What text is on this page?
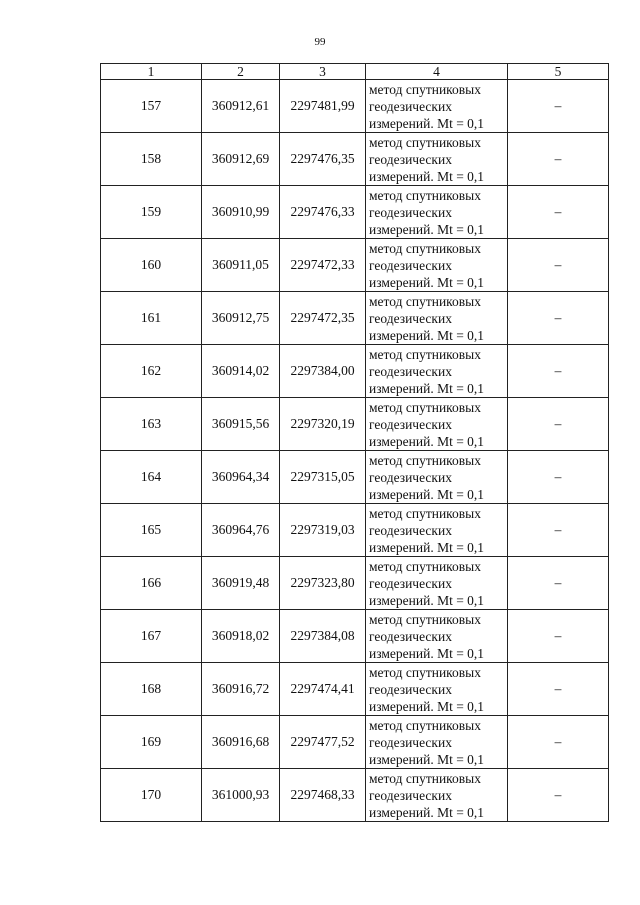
99
1	2	3	4	5
157	360912,61	2297481,99	метод спутниковых
геодезических
измерений. Mt = 0,1	–
158	360912,69	2297476,35	метод спутниковых
геодезических
измерений. Mt = 0,1	–
159	360910,99	2297476,33	метод спутниковых
геодезических
измерений. Mt = 0,1	–
160	360911,05	2297472,33	метод спутниковых
геодезических
измерений. Mt = 0,1	–
161	360912,75	2297472,35	метод спутниковых
геодезических
измерений. Mt = 0,1	–
162	360914,02	2297384,00	метод спутниковых
геодезических
измерений. Mt = 0,1	–
163	360915,56	2297320,19	метод спутниковых
геодезических
измерений. Mt = 0,1	–
164	360964,34	2297315,05	метод спутниковых
геодезических
измерений. Mt = 0,1	–
165	360964,76	2297319,03	метод спутниковых
геодезических
измерений. Mt = 0,1	–
166	360919,48	2297323,80	метод спутниковых
геодезических
измерений. Mt = 0,1	–
167	360918,02	2297384,08	метод спутниковых
геодезических
измерений. Mt = 0,1	–
168	360916,72	2297474,41	метод спутниковых
геодезических
измерений. Mt = 0,1	–
169	360916,68	2297477,52	метод спутниковых
геодезических
измерений. Mt = 0,1	–
170	361000,93	2297468,33	метод спутниковых
геодезических
измерений. Mt = 0,1	–
